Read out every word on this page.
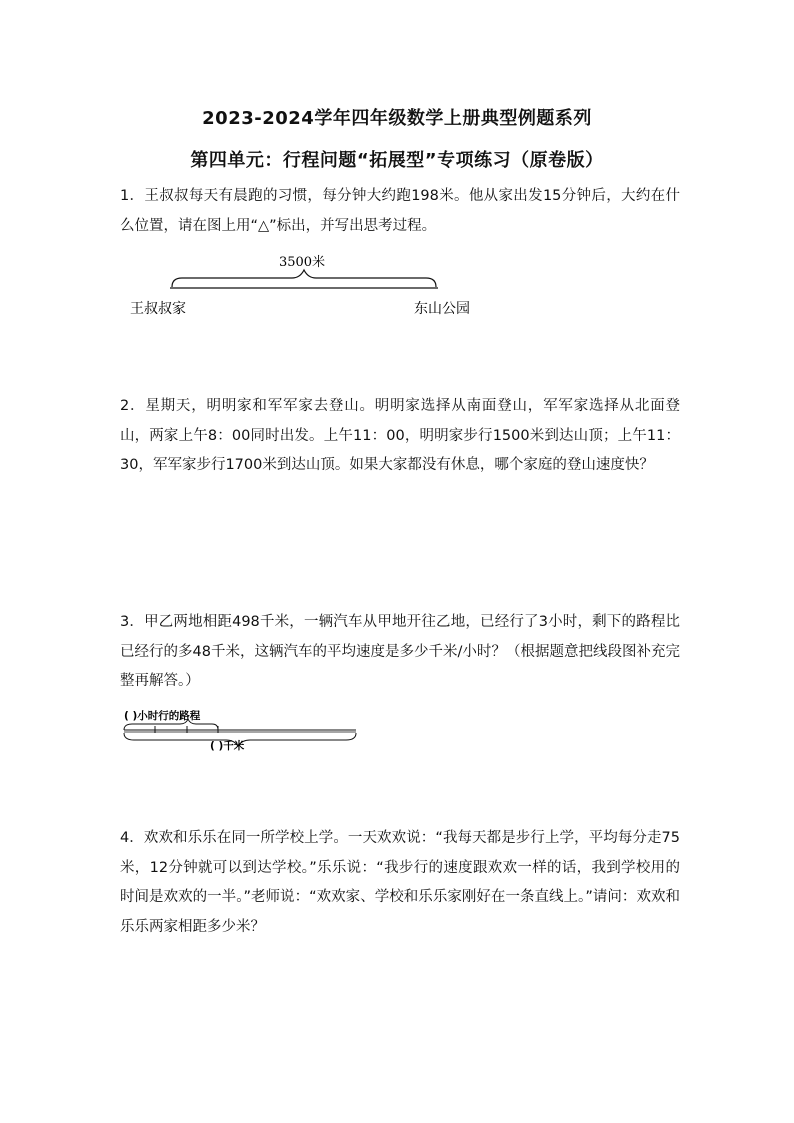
2023-2024学年四年级数学上册典型例题系列
第四单元：行程问题“拓展型”专项练习（原卷版）
1．王叔叔每天有晨跑的习惯，每分钟大约跑198米。他从家出发15分钟后，大约在什么位置，请在图上用“△”标出，并写出思考过程。
3500米
王叔叔家	东山公园
( )小时行的路程
( )千米
2．星期天，明明家和军军家去登山。明明家选择从南面登山，军军家选择从北面登山，两家上午8：00同时出发。上午11：00，明明家步行1500米到达山顶；上午11：30，军军家步行1700米到达山顶。如果大家都没有休息，哪个家庭的登山速度快？
3．甲乙两地相距498千米，一辆汽车从甲地开往乙地，已经行了3小时，剩下的路程比已经行的多48千米，这辆汽车的平均速度是多少千米/小时？（根据题意把线段图补充完整再解答。）
4．欢欢和乐乐在同一所学校上学。一天欢欢说：“我每天都是步行上学，平均每分走75米，12分钟就可以到达学校。”乐乐说：“我步行的速度跟欢欢一样的话，我到学校用的时间是欢欢的一半。”老师说：“欢欢家、学校和乐乐家刚好在一条直线上。”请问：欢欢和乐乐两家相距多少米？
